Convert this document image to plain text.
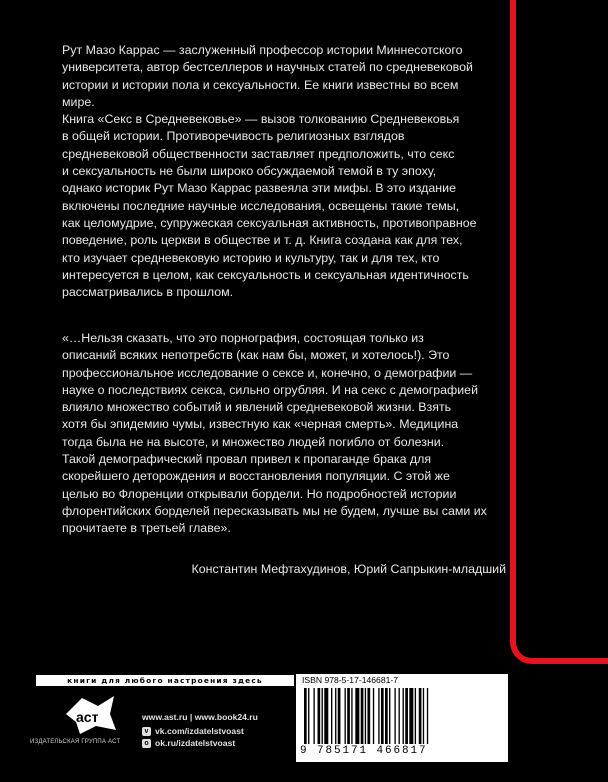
Рут Мазо Каррас — заслуженный профессор истории Миннесотского

университета, автор бестселлеров и научных статей по средневековой

истории и истории пола и сексуальности. Ее книги известны во всем

мире.

Книга «Секс в Средневековье» — вызов толкованию Средневековья

в общей истории. Противоречивость религиозных взглядов

средневековой общественности заставляет предположить, что секс

и сексуальность не были широко обсуждаемой темой в ту эпоху,

однако историк Рут Мазо Каррас развеяла эти мифы. В это издание

включены последние научные исследования, освещены такие темы,

как целомудрие, супружеская сексуальная активность, противоправное

поведение, роль церкви в обществе и т. д. Книга создана как для тех,

кто изучает средневековую историю и культуру, так и для тех, кто

интересуется в целом, как сексуальность и сексуальная идентичность

рассматривались в прошлом.

«…Нельзя сказать, что это порнография, состоящая только из

описаний всяких непотребств (как нам бы, может, и хотелось!). Это

профессиональное исследование о сексе и, конечно, о демографии —

науке о последствиях секса, сильно огрубляя. И на секс с демографией

влияло множество событий и явлений средневековой жизни. Взять

хотя бы эпидемию чумы, известную как «черная смерть». Медицина

тогда была не на высоте, и множество людей погибло от болезни.

Такой демографический провал привел к пропаганде брака для

скорейшего деторождения и восстановления популяции. С этой же

целью во Флоренции открывали бордели. Но подробностей истории

флорентийских борделей пересказывать мы не будем, лучше вы сами их

прочитаете в третьей главе».

Константин Мефтахудинов, Юрий Сапрыкин-младший
книги для любого настроения здесь
аст
ИЗДАТЕЛЬСКАЯ ГРУППА АСТ
www.ast.ru | www.book24.ru
v vk.com/izdatelstvoast
o ok.ru/izdatelstvoast
ISBN 978-5-17-146681-7
9 785171 466817
